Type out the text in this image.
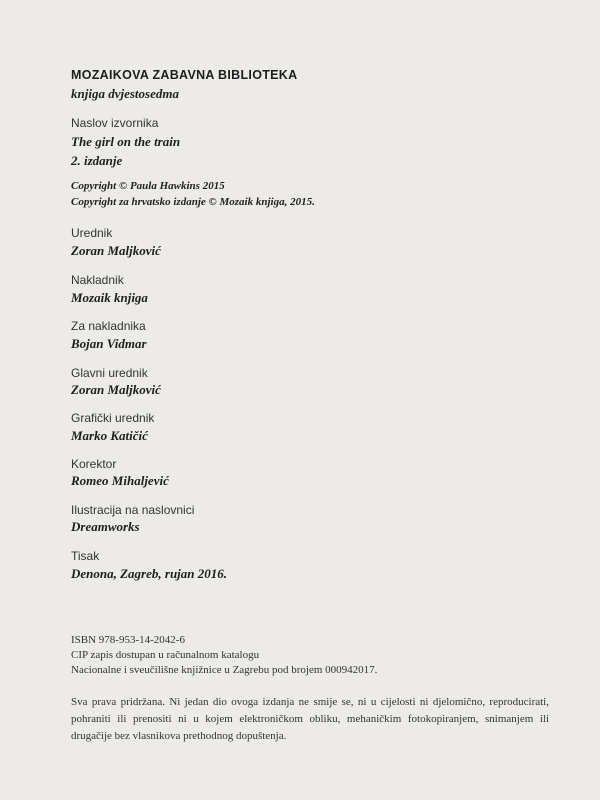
MOZAIKOVA ZABAVNA BIBLIOTEKA
knjiga dvjestosedma
Naslov izvornika
The girl on the train
2. izdanje
Copyright © Paula Hawkins 2015
Copyright za hrvatsko izdanje © Mozaik knjiga, 2015.
Urednik
Zoran Maljković
Nakladnik
Mozaik knjiga
Za nakladnika
Bojan Vidmar
Glavni urednik
Zoran Maljković
Grafički urednik
Marko Katičić
Korektor
Romeo Mihaljević
Ilustracija na naslovnici
Dreamworks
Tisak
Denona, Zagreb, rujan 2016.
ISBN 978-953-14-2042-6
CIP zapis dostupan u računalnom katalogu
Nacionalne i sveučilišne knjižnice u Zagrebu pod brojem 000942017.
Sva prava pridržana. Ni jedan dio ovoga izdanja ne smije se, ni u cijelosti ni djelomično, reproducirati, pohraniti ili prenositi ni u kojem elektroničkom obliku, mehaničkim fotokopiranjem, snimanjem ili drugačije bez vlasnikova prethodnog dopuštenja.
